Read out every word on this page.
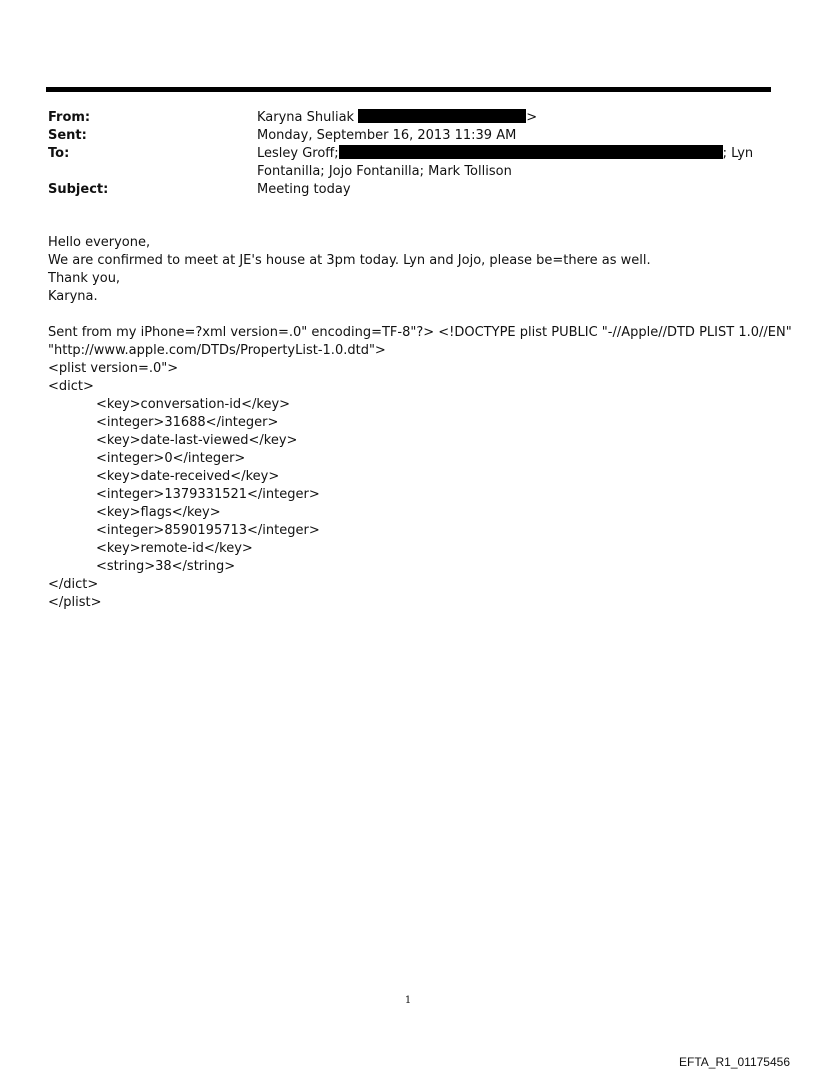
From:	Karyna Shuliak	>
Sent:	Monday, September 16, 2013 11:39 AM
To:	Lesley Groff;	; Lyn
Fontanilla; Jojo Fontanilla; Mark Tollison
Subject:	Meeting today

Hello everyone,

We are confirmed to meet at JE's house at 3pm today. Lyn and Jojo, please be=there as well.

Thank you,

Karyna.

Sent from my iPhone=?xml version=.0" encoding=TF-8"?> <!DOCTYPE plist PUBLIC "-//Apple//DTD PLIST 1.0//EN"

"http://www.apple.com/DTDs/PropertyList-1.0.dtd">

<plist version=.0">

<dict>

<key>conversation-id</key>

<integer>31688</integer>

<key>date-last-viewed</key>

<integer>0</integer>

<key>date-received</key>

<integer>1379331521</integer>

<key>flags</key>

<integer>8590195713</integer>

<key>remote-id</key>

<string>38</string>

</dict>

</plist>

1
EFTA_R1_01175456
